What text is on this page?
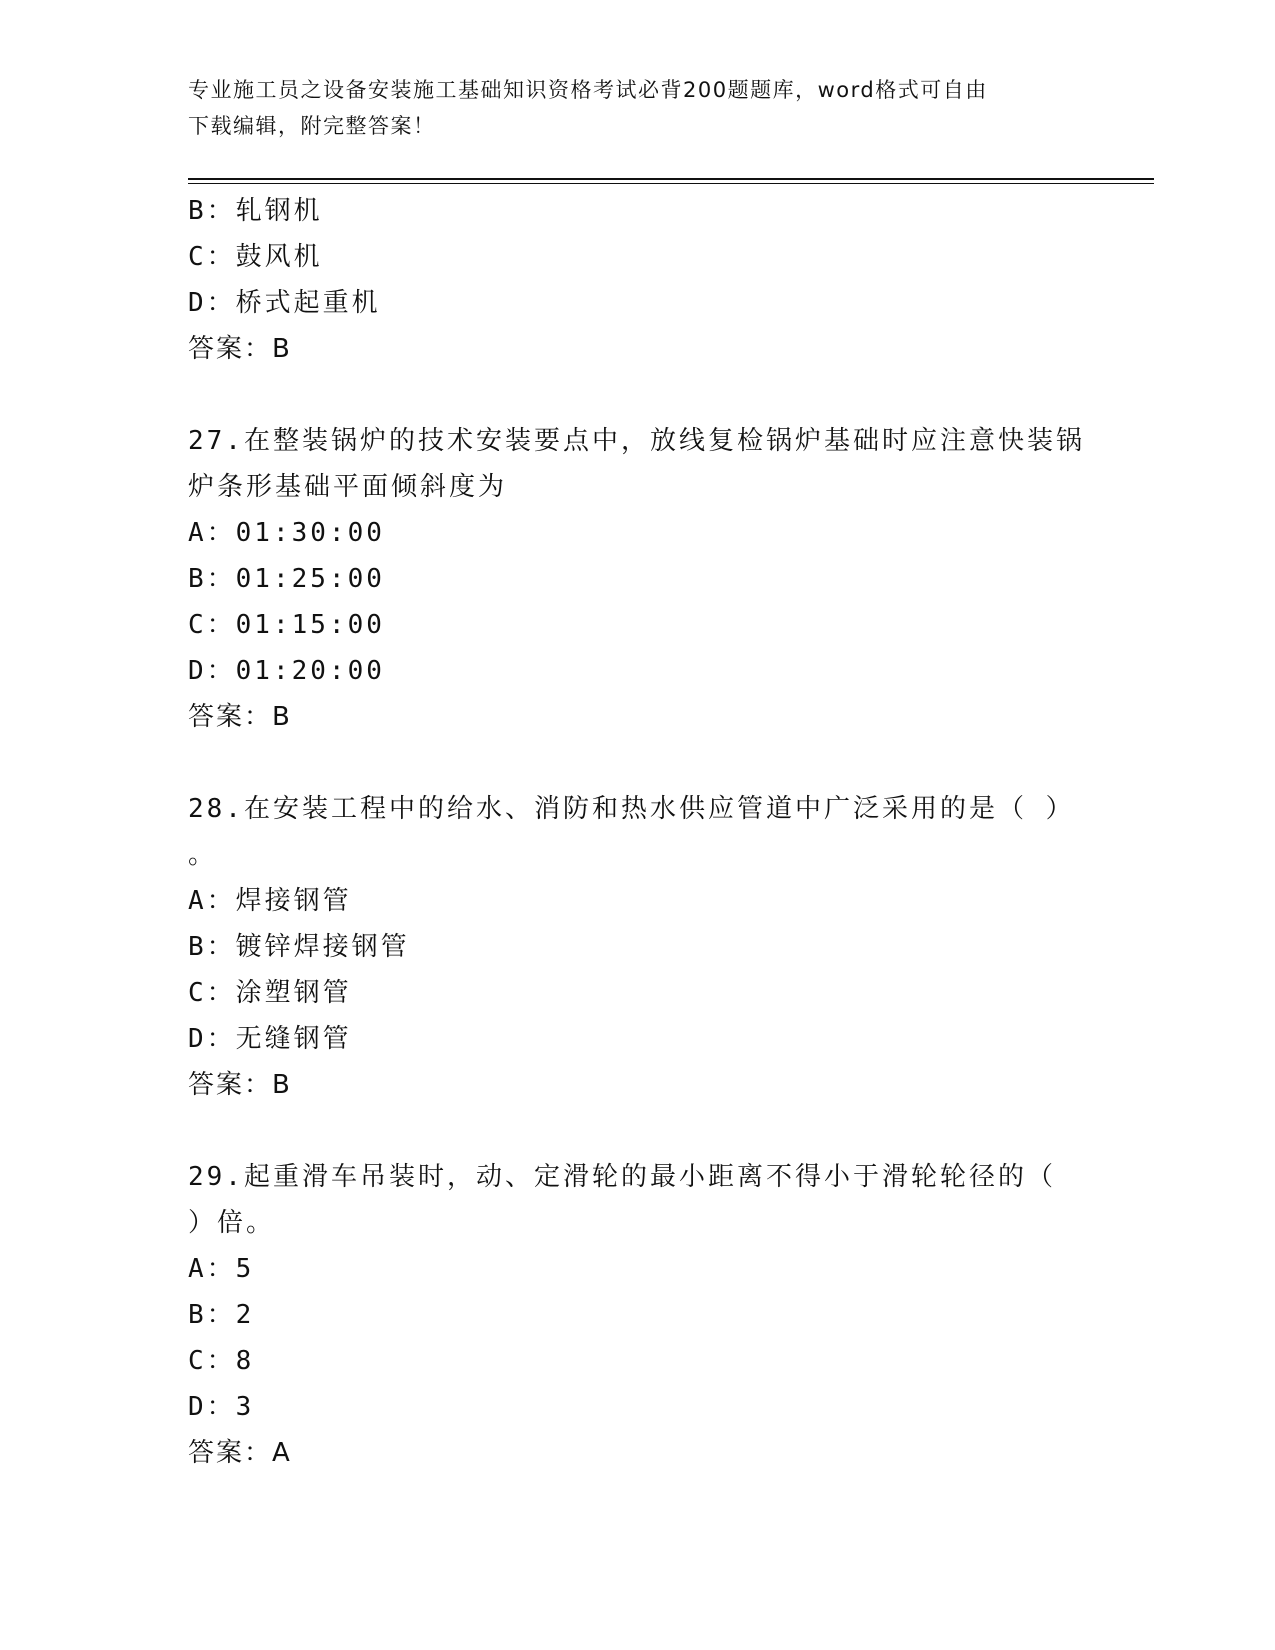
专业施工员之设备安装施工基础知识资格考试必背200题题库，word格式可自由
下载编辑，附完整答案！
B：轧钢机
C：鼓风机
D：桥式起重机
答案：B
27.在整装锅炉的技术安装要点中，放线复检锅炉基础时应注意快装锅
炉条形基础平面倾斜度为
A：01:30:00
B：01:25:00
C：01:15:00
D：01:20:00
答案：B
28.在安装工程中的给水、消防和热水供应管道中广泛采用的是（ ）
。
A：焊接钢管
B：镀锌焊接钢管
C：涂塑钢管
D：无缝钢管
答案：B
29.起重滑车吊装时，动、定滑轮的最小距离不得小于滑轮轮径的（
）倍。
A：5
B：2
C：8
D：3
答案：A
